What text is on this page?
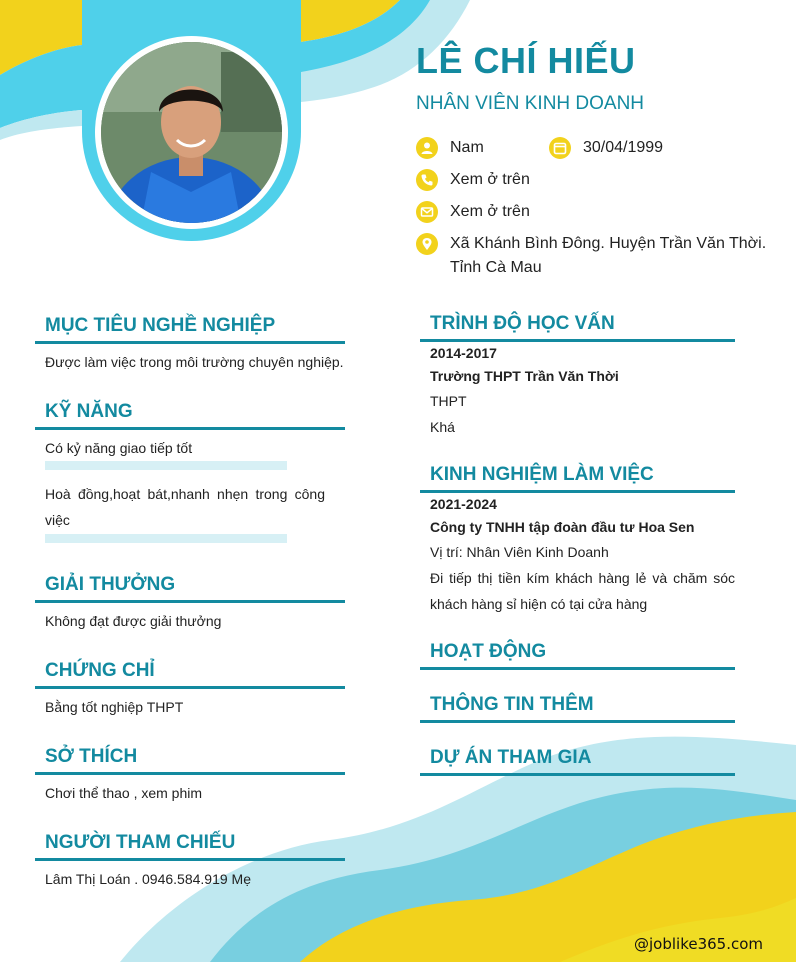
LÊ CHÍ HIẾU
NHÂN VIÊN KINH DOANH
Nam	30/04/1999
Xem ở trên
Xem ở trên
Xã Khánh Bình Đông. Huyện Trần Văn Thời.
Tỉnh Cà Mau
MỤC TIÊU NGHỀ NGHIỆP
Được làm việc trong môi trường chuyên nghiệp.
KỸ NĂNG
Có kỷ năng giao tiếp tốt
Hoà đồng,hoạt bát,nhanh nhẹn trong công việc
GIẢI THƯỞNG
Không đạt được giải thưởng
CHỨNG CHỈ
Bằng tốt nghiệp THPT
SỞ THÍCH
Chơi thể thao , xem phim
NGƯỜI THAM CHIẾU
Lâm Thị Loán . 0946.584.919 Mẹ
TRÌNH ĐỘ HỌC VẤN
2014-2017
Trường THPT Trần Văn Thời
THPT
Khá
KINH NGHIỆM LÀM VIỆC
2021-2024
Công ty TNHH tập đoàn đầu tư Hoa Sen
Vị trí: Nhân Viên Kinh Doanh
Đi tiếp thị tiền kím khách hàng lẻ và chăm sóc khách hàng sỉ hiện có tại cửa hàng
HOẠT ĐỘNG
THÔNG TIN THÊM
DỰ ÁN THAM GIA
@joblike365.com
